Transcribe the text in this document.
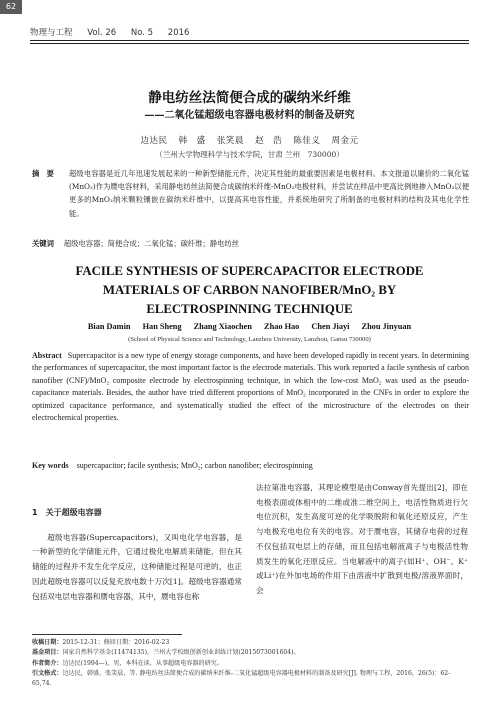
62
物理与工程 Vol. 26 No. 5 2016
静电纺丝法简便合成的碳纳米纤维
——二氧化锰超级电容器电极材料的制备及研究
边达民 韩　盛 张笑晨 赵　浩 陈佳义 周金元
（兰州大学物理科学与技术学院，甘肃 兰州　730000）
摘　要 超级电容器是近几年迅速发展起来的一种新型储能元件，决定其性能的最重要因素是电极材料。本文报道以廉价的二氧化锰(MnO₂)作为赝电容材料，采用静电纺丝法简便合成碳纳米纤维-MnO₂电极材料，并尝试在样品中更高比例地掺入MnO₂以便更多的MnO₂纳米颗粒镶嵌在碳纳米纤维中，以提高其电容性能，并系统地研究了所制备的电极材料的结构及其电化学性能。
关键词 超级电容器；简便合成；二氧化锰；碳纤维；静电纺丝
FACILE SYNTHESIS OF SUPERCAPACITOR ELECTRODE
MATERIALS OF CARBON NANOFIBER/MnO₂ BY
ELECTROSPINNING TECHNIQUE
Bian Damin Han Sheng Zhang Xiaochen Zhao Hao Chen Jiayi Zhou Jinyuan
(School of Physical Science and Technology, Lanzhou University, Lanzhou, Gansu 730000)
Abstract Supercapacitor is a new type of energy storage components, and have been developed rapidly in recent years. In determining the performances of supercapacitor, the most important factor is the electrode materials. This work reported a facile synthesis of carbon nanofiber (CNF)/MnO₂ composite electrode by electrospinning technique, in which the low-cost MnO₂ was used as the pseudo-capacitance materials. Besides, the author have tried different proportions of MnO₂ incorporated in the CNFs in order to explore the optimized capacitance performance, and systematically studied the effect of the microstructure of the electrodes on their electrochemical properties.
Key words supercapacitor; facile synthesis; MnO₂; carbon nanofiber; electrospinning
1　关于超级电容器
超级电容器(Supercapacitors)，又叫电化学电容器，是一种新型的化学储能元件，它通过极化电解质来储能，但在其储能的过程并不发生化学反应，这种储能过程是可逆的，也正因此超级电容器可以反复充放电数十万次[1]。超级电容器通常包括双电层电容器和赝电容器，其中，赝电容也称
法拉第准电容器，其理论模型是由Conway首先提出[2]，即在电极表面或体相中的二维或准二维空间上，电活性物质进行欠电位沉积，发生高度可逆的化学吸脱附和氧化还原反应，产生与电极充电电位有关的电容。对于赝电容，其储存电荷的过程不仅包括双电层上的存储，而且包括电解液离子与电极活性物质发生的氧化还原反应。当电解液中的离子(如H⁺、OH⁻、K⁺或Li⁺)在外加电场的作用下由溶液中扩散到电极/溶液界面时，会
收稿日期：2015-12-31；修回日期：2016-02-23
基金项目：国家自然科学基金(11474135)，兰州大学校级创新创业训练计划(2015073001604)。
作者简介：边达民(1994—)，男，本科在读，从事超级电容器的研究。
引文格式：边达民，韩盛，张笑晨，等. 静电纺丝法简便合成的碳纳米纤维-二氧化锰超级电容器电极材料的制备及研究[J]. 物理与工程，2016，26(5)：62-65,74.
